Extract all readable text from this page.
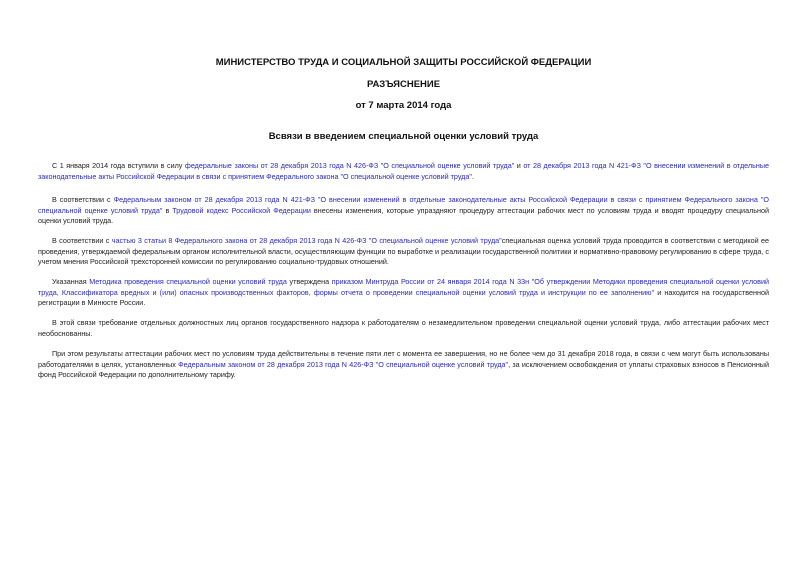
МИНИСТЕРСТВО ТРУДА И СОЦИАЛЬНОЙ ЗАЩИТЫ РОССИЙСКОЙ ФЕДЕРАЦИИ
РАЗЪЯСНЕНИЕ
от 7 марта 2014 года
Всвязи в введением специальной оценки условий труда

С 1 января 2014 года вступили в силу федеральные законы от 28 декабря 2013 года N 426-ФЗ "О специальной оценке условий труда" и от 28 декабря 2013 года N 421-ФЗ "О внесении изменений в отдельные законодательные акты Российской Федерации в связи с принятием Федерального закона "О специальной оценке условий труда".

В соответствии с Федеральным законом от 28 декабря 2013 года N 421-ФЗ "О внесении изменений в отдельные законодательные акты Российской Федерации в связи с принятием Федерального закона "О специальной оценке условий труда" в Трудовой кодекс Российской Федерации внесены изменения, которые упраздняют процедуру аттестации рабочих мест по условиям труда и вводят процедуру специальной оценки условий труда.

В соответствии с частью 3 статьи 8 Федерального закона от 28 декабря 2013 года N 426-ФЗ "О специальной оценке условий труда"специальная оценка условий труда проводится в соответствии с методикой ее проведения, утверждаемой федеральным органом исполнительной власти, осуществляющим функции по выработке и реализации государственной политики и нормативно-правовому регулированию в сфере труда, с учетом мнения Российской трехсторонней комиссии по регулированию социально-трудовых отношений.

Указанная Методика проведения специальной оценки условий труда утверждена приказом Минтруда России от 24 января 2014 года N 33н "Об утверждении Методики проведения специальной оценки условий труда, Классификатора вредных и (или) опасных производственных факторов, формы отчета о проведении специальной оценки условий труда и инструкции по ее заполнению" и находится на государственной регистрации в Минюсте России.

В этой связи требование отдельных должностных лиц органов государственного надзора к работодателям о незамедлительном проведении специальной оценки условий труда, либо аттестации рабочих мест необоснованны.

При этом результаты аттестации рабочих мест по условиям труда действительны в течение пяти лет с момента ее завершения, но не более чем до 31 декабря 2018 года, в связи с чем могут быть использованы работодателями в целях, установленных Федеральным законом от 28 декабря 2013 года N 426-ФЗ "О специальной оценке условий труда", за исключением освобождения от уплаты страховых взносов в Пенсионный фонд Российской Федерации по дополнительному тарифу.
